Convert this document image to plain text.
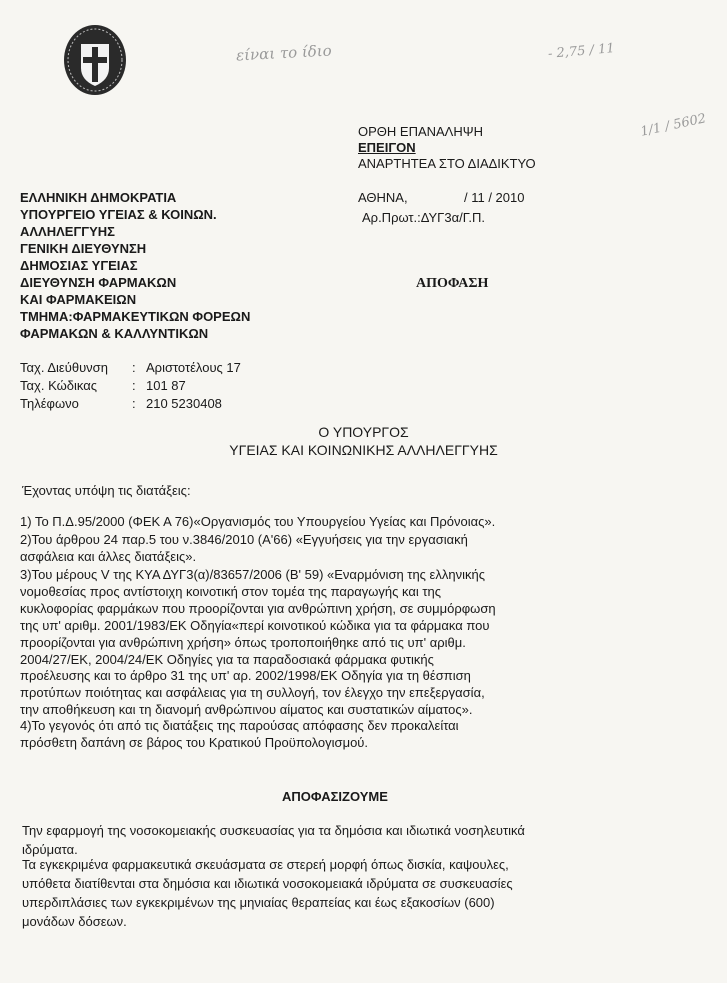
είναι το ίδιο	- 2,75 / 11
1/1 / 5602
ΟΡΘΗ ΕΠΑΝΑΛΗΨΗ
ΕΠΕΙΓΟΝ
ΑΝΑΡΤΗΤΕΑ ΣΤΟ ΔΙΑΔΙΚΤΥΟ
ΕΛΛΗΝΙΚΗ ΔΗΜΟΚΡΑΤΙΑ
ΥΠΟΥΡΓΕΙΟ ΥΓΕΙΑΣ & ΚΟΙΝΩΝ.
ΑΛΛΗΛΕΓΓΥΗΣ
ΓΕΝΙΚΗ ΔΙΕΥΘΥΝΣΗ
ΔΗΜΟΣΙΑΣ ΥΓΕΙΑΣ
ΔΙΕΥΘΥΝΣΗ ΦΑΡΜΑΚΩΝ
ΚΑΙ ΦΑΡΜΑΚΕΙΩΝ
ΤΜΗΜΑ:ΦΑΡΜΑΚΕΥΤΙΚΩΝ ΦΟΡΕΩΝ
ΦΑΡΜΑΚΩΝ & ΚΑΛΛΥΝΤΙΚΩΝ
ΑΘΗΝΑ,	/ 11 / 2010
Αρ.Πρωτ.:ΔΥΓ3α/Γ.Π.
ΑΠΟΦΑΣΗ
Ταχ. Διεύθυνση : Αριστοτέλους 17
Ταχ. Κώδικας	: 101 87
Τηλέφωνο	: 210 5230408
Ο ΥΠΟΥΡΓΟΣ
ΥΓΕΙΑΣ ΚΑΙ ΚΟΙΝΩΝΙΚΗΣ ΑΛΛΗΛΕΓΓΥΗΣ
Έχοντας υπόψη τις διατάξεις:
1) Το Π.Δ.95/2000 (ΦΕΚ Α 76)«Οργανισμός του Υπουργείου Υγείας και Πρόνοιας».
2)Του άρθρου 24 παρ.5 του ν.3846/2010 (Α'66) «Εγγυήσεις για την εργασιακή
ασφάλεια και άλλες διατάξεις».
3)Του μέρους V της ΚΥΑ ΔΥΓ3(α)/83657/2006 (Β' 59) «Εναρμόνιση της ελληνικής
νομοθεσίας προς αντίστοιχη κοινοτική στον τομέα της παραγωγής και της
κυκλοφορίας φαρμάκων που προορίζονται για ανθρώπινη χρήση, σε συμμόρφωση
της υπ' αριθμ. 2001/1983/ΕΚ Οδηγία«περί κοινοτικού κώδικα για τα φάρμακα που
προορίζονται για ανθρώπινη χρήση» όπως τροποποιήθηκε από τις υπ' αριθμ.
2004/27/ΕΚ, 2004/24/ΕΚ Οδηγίες για τα παραδοσιακά φάρμακα φυτικής
προέλευσης και το άρθρο 31 της υπ' αρ. 2002/1998/ΕΚ Οδηγία για τη θέσπιση
προτύπων ποιότητας και ασφάλειας για τη συλλογή, τον έλεγχο την επεξεργασία,
την αποθήκευση και τη διανομή ανθρώπινου αίματος και συστατικών αίματος».
4)Το γεγονός ότι από τις διατάξεις της παρούσας απόφασης δεν προκαλείται
πρόσθετη δαπάνη σε βάρος του Κρατικού Προϋπολογισμού.
ΑΠΟΦΑΣΙΖΟΥΜΕ
Την εφαρμογή της νοσοκομειακής συσκευασίας για τα δημόσια και ιδιωτικά νοσηλευτικά
ιδρύματα.
Τα εγκεκριμένα φαρμακευτικά σκευάσματα σε στερεή μορφή όπως δισκία, καψουλες,
υπόθετα διατίθενται στα δημόσια και ιδιωτικά νοσοκομειακά ιδρύματα σε συσκευασίες
υπερδιπλάσιες των εγκεκριμένων της μηνιαίας θεραπείας και έως εξακοσίων (600)
μονάδων δόσεων.
